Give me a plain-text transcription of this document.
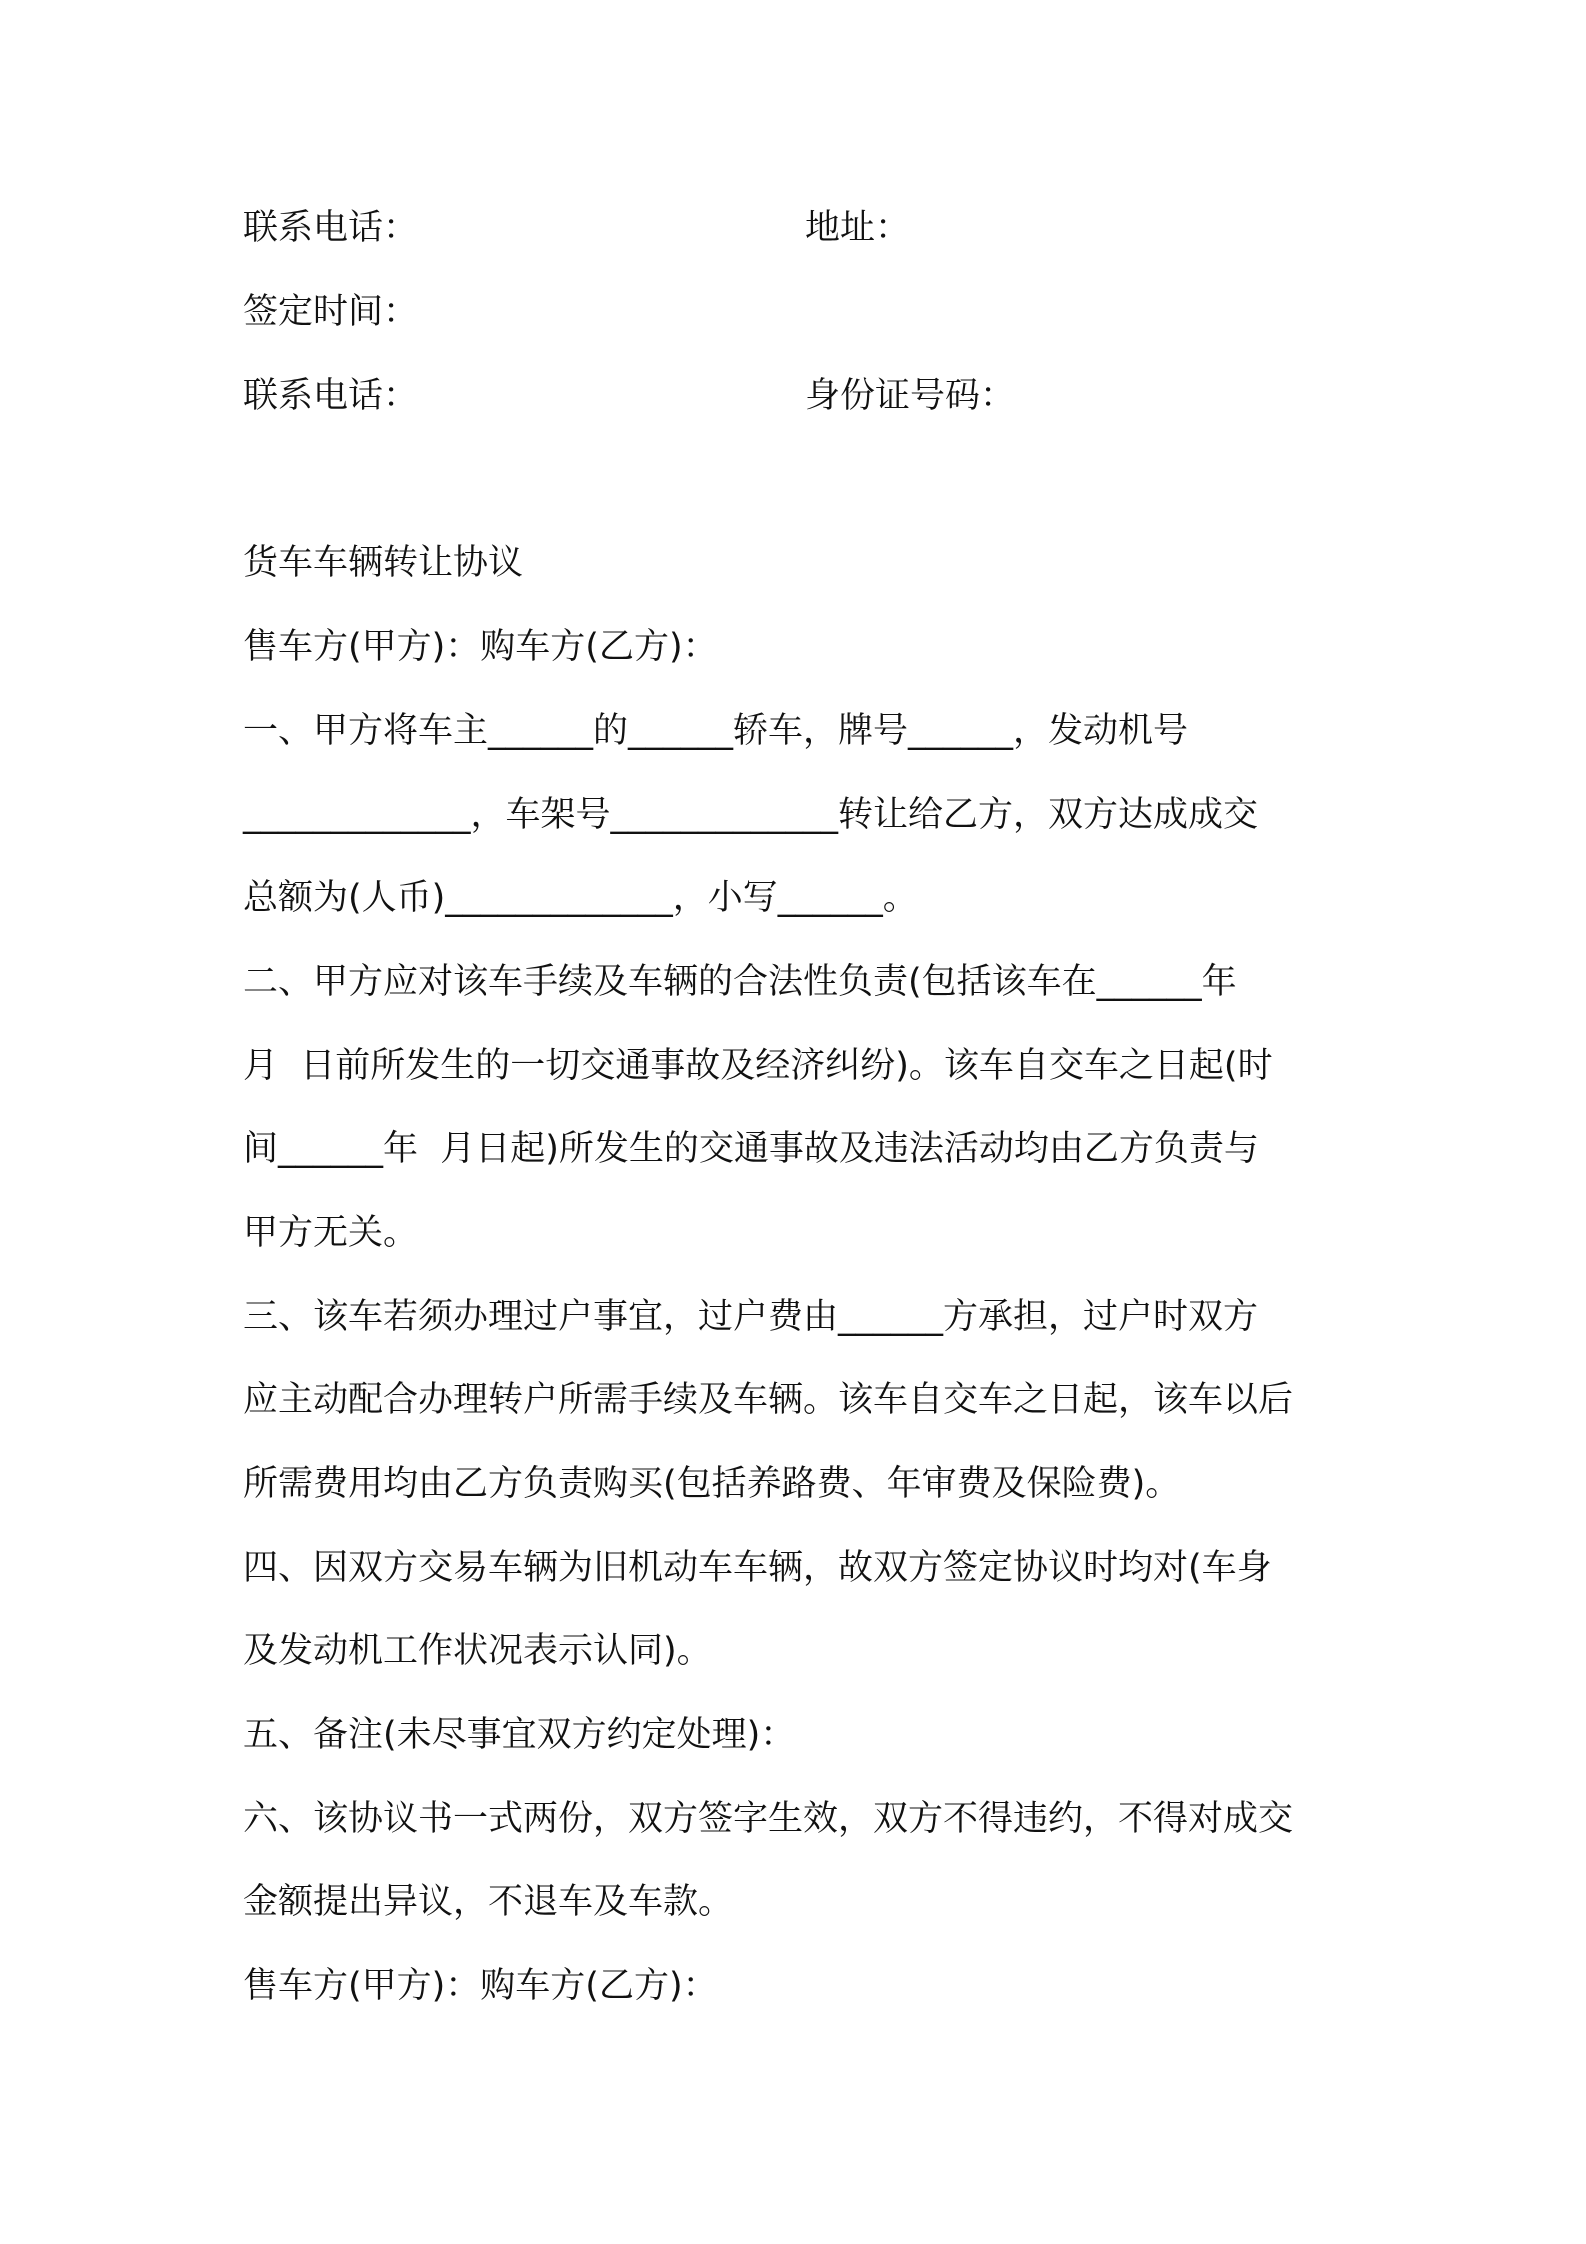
联系电话：	地址：
签定时间：
联系电话：	身份证号码：
货车车辆转让协议
售车方(甲方)：购车方(乙方)：
一、甲方将车主______的______轿车，牌号______，发动机号
_____________，车架号_____________转让给乙方，双方达成成交
总额为(人币)_____________，小写______。
二、甲方应对该车手续及车辆的合法性负责(包括该车在______年
月  日前所发生的一切交通事故及经济纠纷)。该车自交车之日起(时
间______年  月日起)所发生的交通事故及违法活动均由乙方负责与
甲方无关。
三、该车若须办理过户事宜，过户费由______方承担，过户时双方
应主动配合办理转户所需手续及车辆。该车自交车之日起，该车以后
所需费用均由乙方负责购买(包括养路费、年审费及保险费)。
四、因双方交易车辆为旧机动车车辆，故双方签定协议时均对(车身
及发动机工作状况表示认同)。
五、备注(未尽事宜双方约定处理)：
六、该协议书一式两份，双方签字生效，双方不得违约，不得对成交
金额提出异议，不退车及车款。
售车方(甲方)：购车方(乙方)：
